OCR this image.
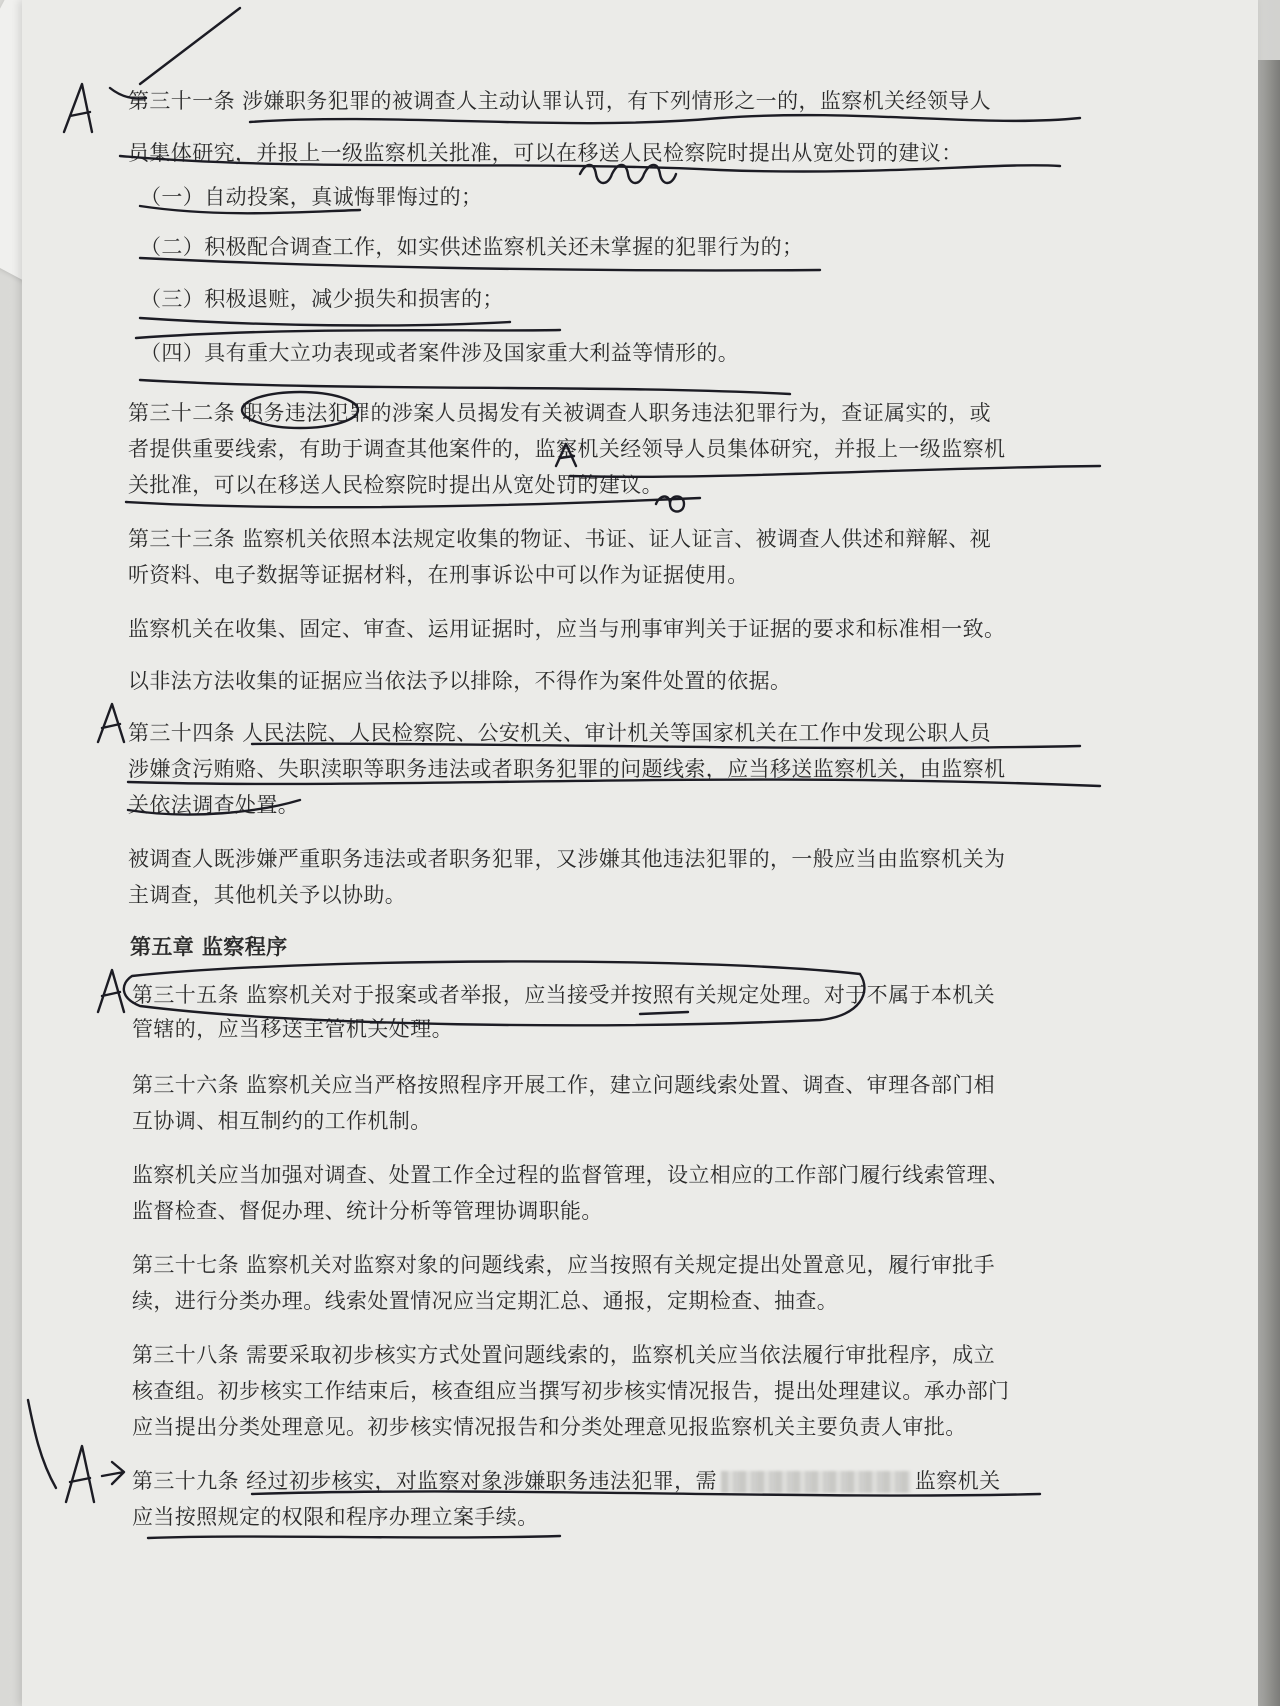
第三十一条 涉嫌职务犯罪的被调查人主动认罪认罚，有下列情形之一的，监察机关经领导人

员集体研究，并报上一级监察机关批准，可以在移送人民检察院时提出从宽处罚的建议：

（一）自动投案，真诚悔罪悔过的；

（二）积极配合调查工作，如实供述监察机关还未掌握的犯罪行为的；

（三）积极退赃，减少损失和损害的；

（四）具有重大立功表现或者案件涉及国家重大利益等情形的。

第三十二条 职务违法犯罪的涉案人员揭发有关被调查人职务违法犯罪行为，查证属实的，或

者提供重要线索，有助于调查其他案件的，监察机关经领导人员集体研究，并报上一级监察机

关批准，可以在移送人民检察院时提出从宽处罚的建议。

第三十三条 监察机关依照本法规定收集的物证、书证、证人证言、被调查人供述和辩解、视

听资料、电子数据等证据材料，在刑事诉讼中可以作为证据使用。

监察机关在收集、固定、审查、运用证据时，应当与刑事审判关于证据的要求和标准相一致。

以非法方法收集的证据应当依法予以排除，不得作为案件处置的依据。

第三十四条 人民法院、人民检察院、公安机关、审计机关等国家机关在工作中发现公职人员

涉嫌贪污贿赂、失职渎职等职务违法或者职务犯罪的问题线索，应当移送监察机关，由监察机

关依法调查处置。

被调查人既涉嫌严重职务违法或者职务犯罪，又涉嫌其他违法犯罪的，一般应当由监察机关为

主调查，其他机关予以协助。

第五章 监察程序

第三十五条 监察机关对于报案或者举报，应当接受并按照有关规定处理。对于不属于本机关

管辖的，应当移送主管机关处理。

第三十六条 监察机关应当严格按照程序开展工作，建立问题线索处置、调查、审理各部门相

互协调、相互制约的工作机制。

监察机关应当加强对调查、处置工作全过程的监督管理，设立相应的工作部门履行线索管理、

监督检查、督促办理、统计分析等管理协调职能。

第三十七条 监察机关对监察对象的问题线索，应当按照有关规定提出处置意见，履行审批手

续，进行分类办理。线索处置情况应当定期汇总、通报，定期检查、抽查。

第三十八条 需要采取初步核实方式处置问题线索的，监察机关应当依法履行审批程序，成立

核查组。初步核实工作结束后，核查组应当撰写初步核实情况报告，提出处理建议。承办部门

应当提出分类处理意见。初步核实情况报告和分类处理意见报监察机关主要负责人审批。

第三十九条 经过初步核实，对监察对象涉嫌职务违法犯罪，需	监察机关

应当按照规定的权限和程序办理立案手续。
